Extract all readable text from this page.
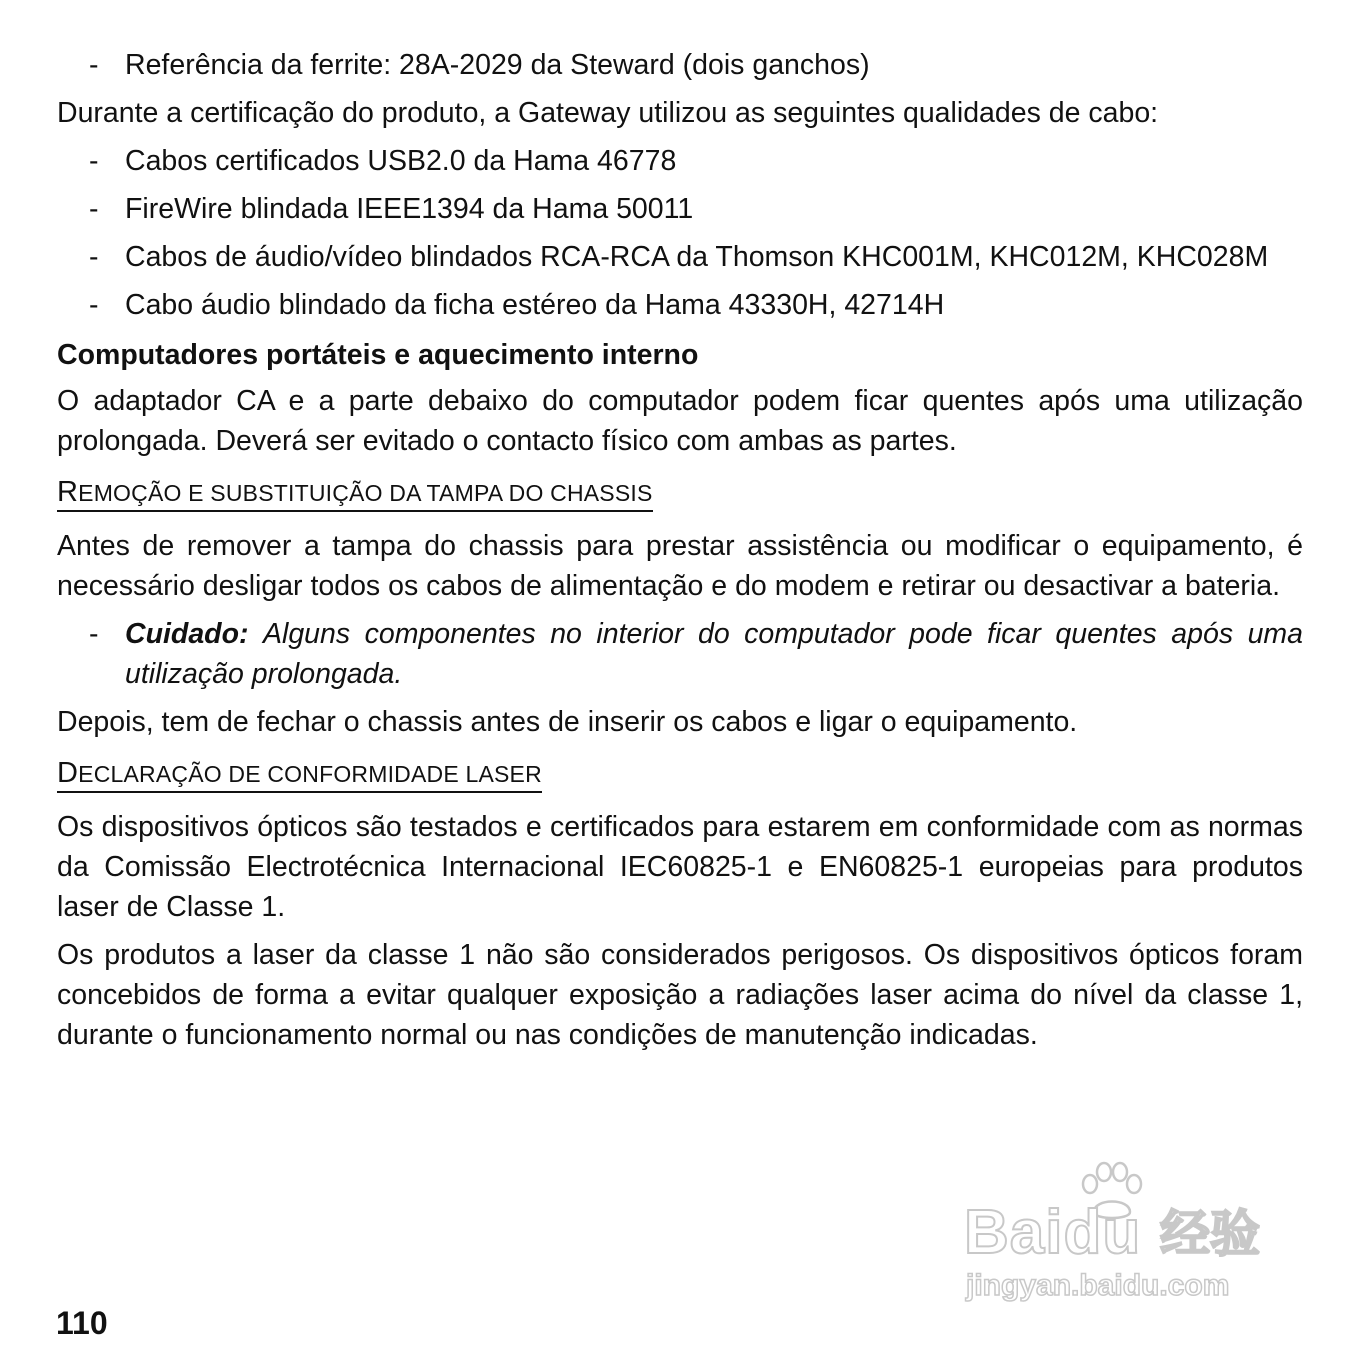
- Referência da ferrite: 28A-2029 da Steward (dois ganchos)

Durante a certificação do produto, a Gateway utilizou as seguintes qualidades de cabo:

- Cabos certificados USB2.0 da Hama 46778
- FireWire blindada IEEE1394 da Hama 50011
- Cabos de áudio/vídeo blindados RCA-RCA da Thomson KHC001M, KHC012M, KHC028M
- Cabo áudio blindado da ficha estéreo da Hama 43330H, 42714H

Computadores portáteis e aquecimento interno

O adaptador CA e a parte debaixo do computador podem ficar quentes após uma utilização prolongada. Deverá ser evitado o contacto físico com ambas as partes.

REMOÇÃO E SUBSTITUIÇÃO DA TAMPA DO CHASSIS

Antes de remover a tampa do chassis para prestar assistência ou modificar o equipamento, é necessário desligar todos os cabos de alimentação e do modem e retirar ou desactivar a bateria.

- Cuidado: Alguns componentes no interior do computador pode ficar quentes após uma utilização prolongada.

Depois, tem de fechar o chassis antes de inserir os cabos e ligar o equipamento.

DECLARAÇÃO DE CONFORMIDADE LASER

Os dispositivos ópticos são testados e certificados para estarem em conformidade com as normas da Comissão Electrotécnica Internacional IEC60825-1 e EN60825-1 europeias para produtos laser de Classe 1.

Os produtos a laser da classe 1 não são considerados perigosos. Os dispositivos ópticos foram concebidos de forma a evitar qualquer exposição a radiações laser acima do nível da classe 1, durante o funcionamento normal ou nas condições de manutenção indicadas.

Baidu 经验
jingyan.baidu.com
110
